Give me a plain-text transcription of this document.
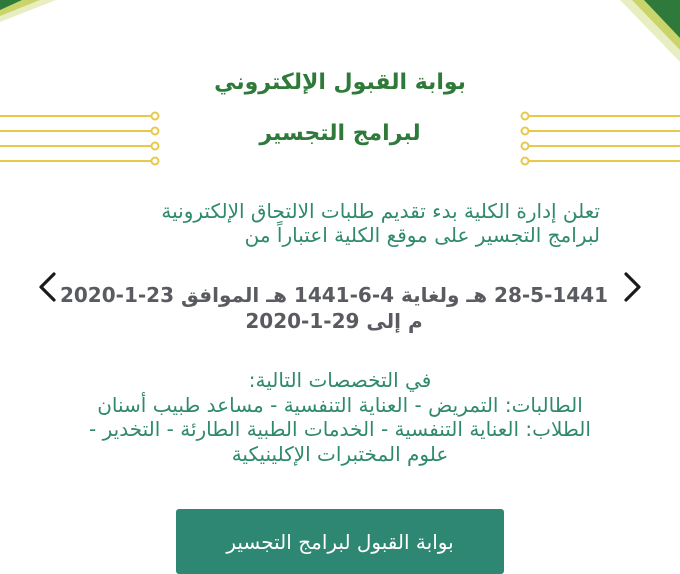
بوابة القبول الإلكتروني
لبرامج التجسير
تعلن إدارة الكلية بدء تقديم طلبات الالتحاق الإلكترونية
لبرامج التجسير على موقع الكلية اعتباراً من
28-5-1441 هـ ولغاية 4-6-1441 هـ الموافق 23-1-2020
م إلى 29-1-2020
في التخصصات التالية:
الطالبات: التمريض - العناية التنفسية - مساعد طبيب أسنان
الطلاب: العناية التنفسية - الخدمات الطبية الطارئة - التخدير -
علوم المختبرات الإكلينيكية
بوابة القبول لبرامج التجسير
